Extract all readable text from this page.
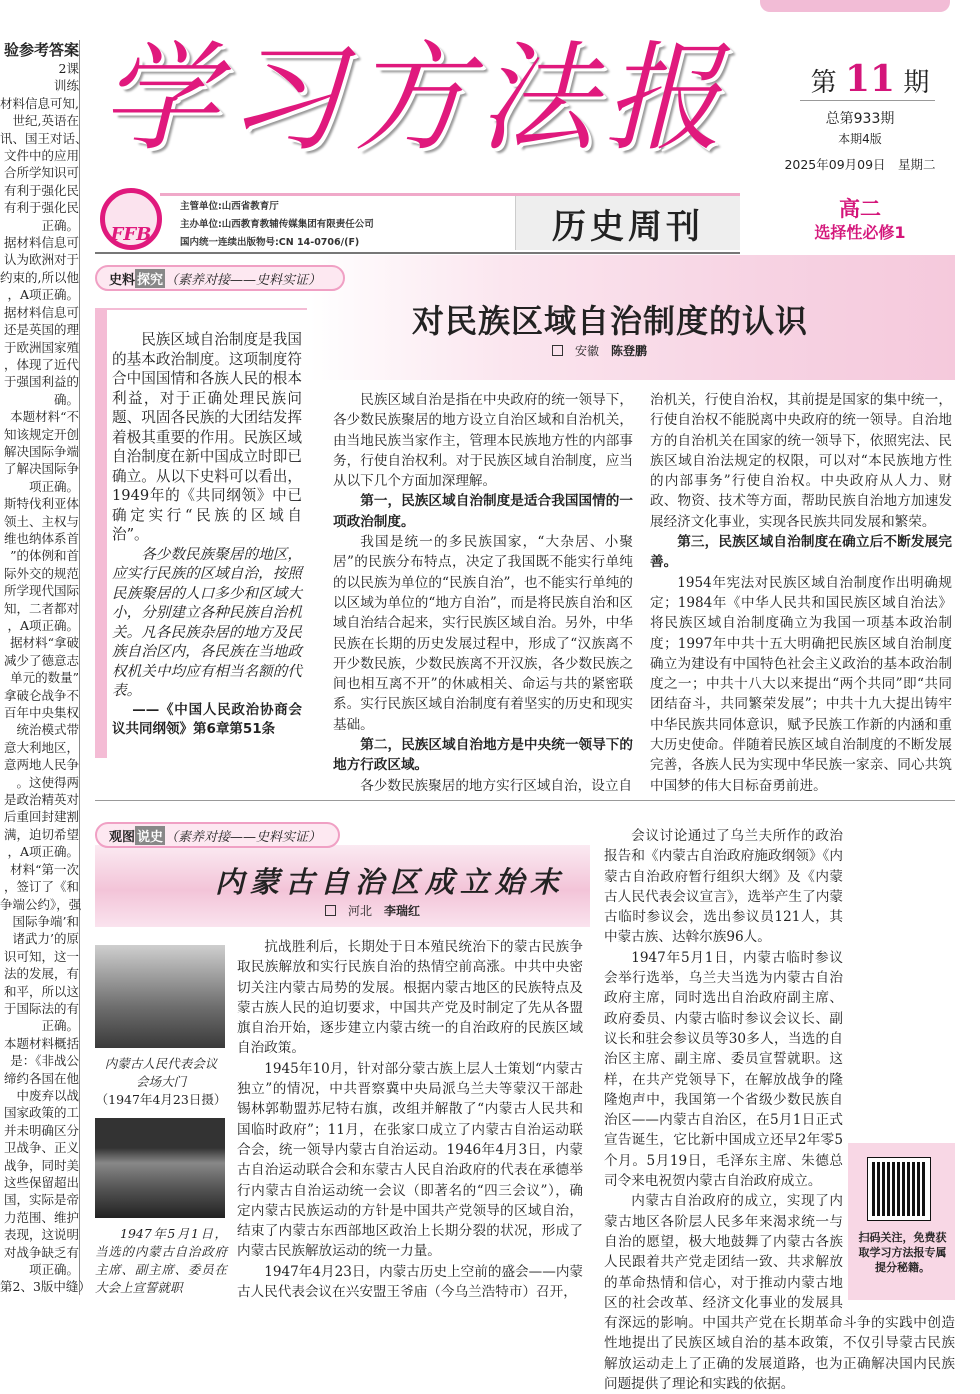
验参考答案
2课
训练
材料信息可知,
世纪,英语在
讯、国王对话、
文件中的应用
合所学知识可
有利于强化民
有利于强化民
正确。
据材料信息可
认为欧洲对于
约束的,所以他
，A项正确。
据材料信息可
还是英国的理
于欧洲国家殖
，体现了近代
于强国利益的
确。
本题材料“不
知该规定开创
解决国际争端
了解决国际争
项正确。
斯特伐利亚体
领土、主权与
维也纳体系首
”的体例和首
际外交的规范
所学现代国际
知，二者都对
，A项正确。
据材料“拿破
减少了德意志
单元的数量”
拿破仑战争不
百年中央集权
统治模式带
意大利地区，
意两地人民争
。这使得两
是政治精英对
后重回封建割
满，迫切希望
，A项正确。
材料“第一次
，签订了《和
争端公约》，强
国际争端’和
诸武力’的原
识可知，这一
法的发展，有
和平，所以这
于国际法的有
正确。
本题材料概括
是：《非战公
缔约各国在他
中废弃以战
国家政策的工
并未明确区分
卫战争、正义
战争，同时美
这些保留超出
国，实际是帝
力范围、维护
表现，这说明
对战争缺乏有
项正确。
第2、3版中缝）
学习方法报	第 11 期
总第933期
本期4版
2025年09月09日　星期二
高二
选择性必修1
FFB
主管单位:山西省教育厅
主办单位:山西教育教辅传媒集团有限责任公司
国内统一连续出版物号:CN 14-0706/(F)	历史周刊
史料 探究 （素养对接——史料实证）
对民族区域自治制度的认识
安徽　 陈登鹏

民族区域自治制度是我国的基本政治制度。这项制度符合中国国情和各族人民的根本利益，对于正确处理民族问题、巩固各民族的大团结发挥着极其重要的作用。民族区域自治制度在新中国成立时即已确立。从以下史料可以看出，1949年的《共同纲领》中已确定实行“民族的区域自治”。

各少数民族聚居的地区，应实行民族的区域自治，按照民族聚居的人口多少和区域大小，分别建立各种民族自治机关。凡各民族杂居的地方及民族自治区内，各民族在当地政权机关中均应有相当名额的代表。

——《中国人民政治协商会议共同纲领》第6章第51条

民族区域自治是指在中央政府的统一领导下，各少数民族聚居的地方设立自治区域和自治机关，由当地民族当家作主，管理本民族地方性的内部事务，行使自治权利。对于民族区域自治制度，应当从以下几个方面加深理解。

第一，民族区域自治制度是适合我国国情的一项政治制度。

我国是统一的多民族国家，“大杂居、小聚居”的民族分布特点，决定了我国既不能实行单纯的以民族为单位的“民族自治”，也不能实行单纯的以区域为单位的“地方自治”，而是将民族自治和区域自治结合起来，实行民族区域自治。另外，中华民族在长期的历史发展过程中，形成了“汉族离不开少数民族，少数民族离不开汉族，各少数民族之间也相互离不开”的休戚相关、命运与共的紧密联系。实行民族区域自治制度有着坚实的历史和现实基础。

第二，民族区域自治地方是中央统一领导下的地方行政区域。

各少数民族聚居的地方实行区域自治，设立自

治机关，行使自治权，其前提是国家的集中统一，行使自治权不能脱离中央政府的统一领导。自治地方的自治机关在国家的统一领导下，依照宪法、民族区域自治法规定的权限，可以对“本民族地方性的内部事务”行使自治权。中央政府从人力、财政、物资、技术等方面，帮助民族自治地方加速发展经济文化事业，实现各民族共同发展和繁荣。

第三，民族区域自治制度在确立后不断发展完善。

1954年宪法对民族区域自治制度作出明确规定；1984年《中华人民共和国民族区域自治法》将民族区域自治制度确立为我国一项基本政治制度；1997年中共十五大明确把民族区域自治制度确立为建设有中国特色社会主义政治的基本政治制度之一；中共十八大以来提出“两个共同”即“共同团结奋斗，共同繁荣发展”；中共十九大提出铸牢中华民族共同体意识，赋予民族工作新的内涵和重大历史使命。伴随着民族区域自治制度的不断发展完善，各族人民为实现中华民族一家亲、同心共筑中国梦的伟大目标奋勇前进。

观图 说史 （素养对接——史料实证）
内蒙古自治区成立始末
河北　 李瑞红
内蒙古人民代表会议
会场大门
（1947年4月23日摄）
1947年5月1日，当选的内蒙古自治政府主席、副主席、委员在大会上宣誓就职

抗战胜利后，长期处于日本殖民统治下的蒙古民族争取民族解放和实行民族自治的热情空前高涨。中共中央密切关注内蒙古局势的发展。根据内蒙古地区的民族特点及蒙古族人民的迫切要求，中国共产党及时制定了先从各盟旗自治开始，逐步建立内蒙古统一的自治政府的民族区域自治政策。

1945年10月，针对部分蒙古族上层人士策划“内蒙古独立”的情况，中共晋察冀中央局派乌兰夫等蒙汉干部赴锡林郭勒盟苏尼特右旗，改组并解散了“内蒙古人民共和国临时政府”；11月，在张家口成立了内蒙古自治运动联合会，统一领导内蒙古自治运动。1946年4月3日，内蒙古自治运动联合会和东蒙古人民自治政府的代表在承德举行内蒙古自治运动统一会议（即著名的“四三会议”），确定内蒙古民族运动的方针是中国共产党领导的区域自治，结束了内蒙古东西部地区政治上长期分裂的状况，形成了内蒙古民族解放运动的统一力量。

1947年4月23日，内蒙古历史上空前的盛会——内蒙古人民代表会议在兴安盟王爷庙（今乌兰浩特市）召开，

会议讨论通过了乌兰夫所作的政治报告和《内蒙古自治政府施政纲领》《内蒙古自治政府暂行组织大纲》及《内蒙古人民代表会议宣言》，选举产生了内蒙古临时参议会，选出参议员121人，其中蒙古族、达斡尔族96人。

1947年5月1日，内蒙古临时参议会举行选举，乌兰夫当选为内蒙古自治政府主席，同时选出自治政府副主席、政府委员、内蒙古临时参议会议长、副议长和驻会参议员等30多人，当选的自治区主席、副主席、委员宣誓就职。这样，在共产党领导下，在解放战争的隆隆炮声中，我国第一个省级少数民族自治区——内蒙古自治区，在5月1日正式宣告诞生，它比新中国成立还早2年零5个月。5月19日，毛泽东主席、朱德总司令来电祝贺内蒙古自治政府成立。

内蒙古自治政府的成立，实现了内蒙古地区各阶层人民多年来渴求统一与自治的愿望，极大地鼓舞了内蒙古各族人民跟着共产党走团结一致、共求解放的革命热情和信心，对于推动内蒙古地区的社会改革、经济文化事业的发展具有深远的影响。中国共产党在长期革命斗争的实践中创造性地提出了民族区域自治的基本政策，不仅引导蒙古民族解放运动走上了正确的发展道路，也为正确解决国内民族问题提供了理论和实践的依据。

扫码关注，免费获取学习方法报专属提分秘籍。
